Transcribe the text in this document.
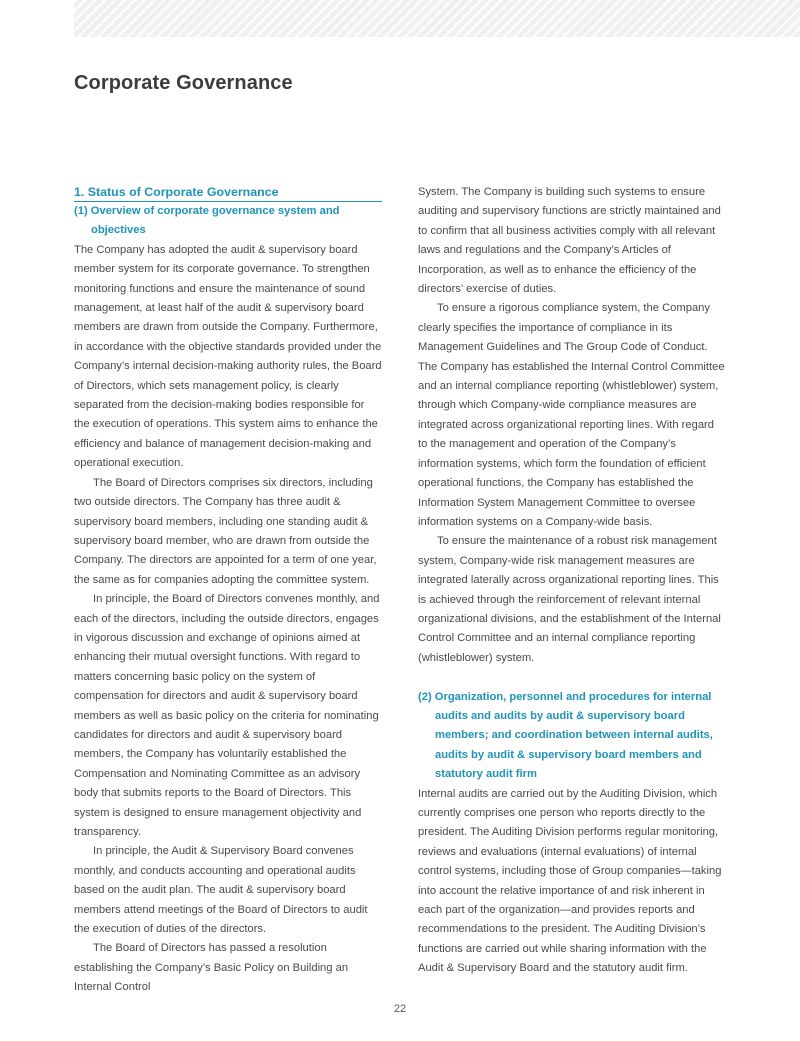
Corporate Governance
1. Status of Corporate Governance
(1) Overview of corporate governance system and objectives

The Company has adopted the audit & supervisory board member system for its corporate governance. To strengthen monitoring functions and ensure the maintenance of sound management, at least half of the audit & supervisory board members are drawn from outside the Company. Furthermore, in accordance with the objective standards provided under the Company’s internal decision-making authority rules, the Board of Directors, which sets management policy, is clearly separated from the decision-making bodies responsible for the execution of operations. This system aims to enhance the efficiency and balance of management decision-making and operational execution.

The Board of Directors comprises six directors, including two outside directors. The Company has three audit & supervisory board members, including one standing audit & supervisory board member, who are drawn from outside the Company. The directors are appointed for a term of one year, the same as for companies adopting the committee system.

In principle, the Board of Directors convenes monthly, and each of the directors, including the outside directors, engages in vigorous discussion and exchange of opinions aimed at enhancing their mutual oversight functions. With regard to matters concerning basic policy on the system of compensation for directors and audit & supervisory board members as well as basic policy on the criteria for nominating candidates for directors and audit & supervisory board members, the Company has voluntarily established the Compensation and Nominating Committee as an advisory body that submits reports to the Board of Directors. This system is designed to ensure management objectivity and transparency.

In principle, the Audit & Supervisory Board convenes monthly, and conducts accounting and operational audits based on the audit plan. The audit & supervisory board members attend meetings of the Board of Directors to audit the execution of duties of the directors.

The Board of Directors has passed a resolution establishing the Company’s Basic Policy on Building an Internal Control

System. The Company is building such systems to ensure auditing and supervisory functions are strictly maintained and to confirm that all business activities comply with all relevant laws and regulations and the Company’s Articles of Incorporation, as well as to enhance the efficiency of the directors’ exercise of duties.

To ensure a rigorous compliance system, the Company clearly specifies the importance of compliance in its Management Guidelines and The Group Code of Conduct. The Company has established the Internal Control Committee and an internal compliance reporting (whistleblower) system, through which Company-wide compliance measures are integrated across organizational reporting lines. With regard to the management and operation of the Company’s information systems, which form the foundation of efficient operational functions, the Company has established the Information System Management Committee to oversee information systems on a Company-wide basis.

To ensure the maintenance of a robust risk management system, Company-wide risk management measures are integrated laterally across organizational reporting lines. This is achieved through the reinforcement of relevant internal organizational divisions, and the establishment of the Internal Control Committee and an internal compliance reporting (whistleblower) system.

(2) Organization, personnel and procedures for internal audits and audits by audit & supervisory board members; and coordination between internal audits, audits by audit & supervisory board members and statutory audit firm

Internal audits are carried out by the Auditing Division, which currently comprises one person who reports directly to the president. The Auditing Division performs regular monitoring, reviews and evaluations (internal evaluations) of internal control systems, including those of Group companies—taking into account the relative importance of and risk inherent in each part of the organization—and provides reports and recommendations to the president. The Auditing Division’s functions are carried out while sharing information with the Audit & Supervisory Board and the statutory audit firm.

22
